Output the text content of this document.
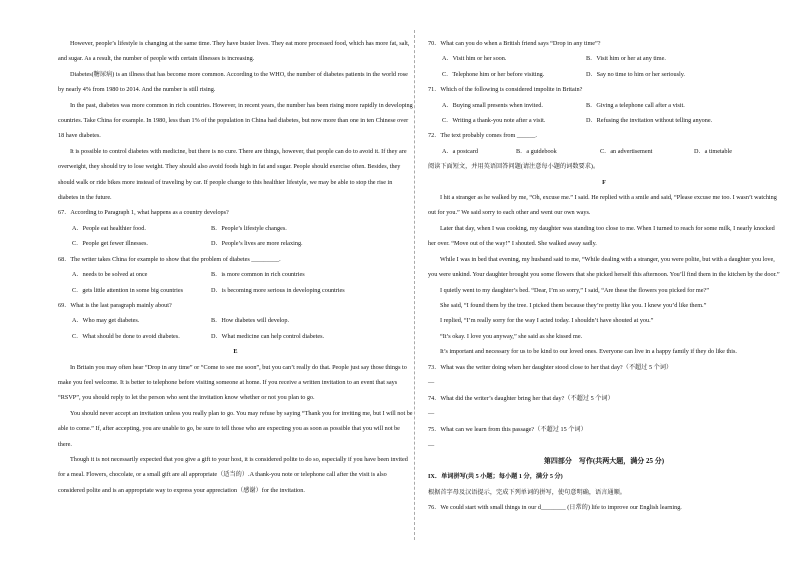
However, people’s lifestyle is changing at the same time. They have busier lives. They eat more processed food, which has more fat, salt, and sugar. As a result, the number of people with certain illnesses is increasing.

Diabetes(糖尿病) is an illness that has become more common. According to the WHO, the number of diabetes patients in the world rose by nearly 4% from 1980 to 2014. And the number is still rising.

In the past, diabetes was more common in rich countries. However, in recent years, the number has been rising more rapidly in developing countries. Take China for example. In 1980, less than 1% of the population in China had diabetes, but now more than one in ten Chinese over 18 have diabetes.

It is possible to control diabetes with medicine, but there is no cure. There are things, however, that people can do to avoid it. If they are overweight, they should try to lose weight. They should also avoid foods high in fat and sugar. People should exercise often. Besides, they should walk or ride bikes more instead of traveling by car. If people change to this healthier lifestyle, we may be able to stop the rise in diabetes in the future.

67．According to Paragraph 1, what happens as a country develops?

A．People eat healthier food.	B．People’s lifestyle changes.
C．People get fewer illnesses.	D．People’s lives are more relaxing.

68．The writer takes China for example to show that the problem of diabetes _________.

A．needs to be solved at once	B．is more common in rich countries
C．gets little attention in some big countries	D．is becoming more serious in developing countries

69．What is the last paragraph mainly about?

A．Who may get diabetes.	B．How diabetes will develop.
C．What should be done to avoid diabetes.	D．What medicine can help control diabetes.

E

In Britain you may often hear “Drop in any time” or “Come to see me soon”, but you can’t really do that. People just say those things to make you feel welcome. It is better to telephone before visiting someone at home. If you receive a written invitation to an event that says “RSVP”, you should reply to let the person who sent the invitation know whether or not you plan to go.

You should never accept an invitation unless you really plan to go. You may refuse by saying “Thank you for inviting me, but I will not be able to come.” If, after accepting, you are unable to go, be sure to tell those who are expecting you as soon as possible that you will not be there.

Though it is not necessarily expected that you give a gift to your host, it is considered polite to do so, especially if you have been invited for a meal. Flowers, chocolate, or a small gift are all appropriate（适当的）.A thank-you note or telephone call after the visit is also considered polite and is an appropriate way to express your appreciation（感谢）for the invitation.

70．What can you do when a British friend says “Drop in any time”?

A．Visit him or her soon.	B．Visit him or her at any time.
C．Telephone him or her before visiting.	D．Say no time to him or her seriously.

71．Which of the following is considered impolite in Britain?

A．Buying small presents when invited.	B．Giving a telephone call after a visit.
C．Writing a thank-you note after a visit.	D．Refusing the invitation without telling anyone.

72．The text probably comes from ______.

A．a postcard	B．a guidebook	C．an advertisement	D．a timetable

阅读下面短文，并用英语回答问题(请注意每小题的词数要求)。

F

I hit a stranger as he walked by me, “Oh, excuse me.” I said. He replied with a smile and said, “Please excuse me too. I wasn’t watching out for you.” We said sorry to each other and went our own ways.

Later that day, when I was cooking, my daughter was standing too close to me. When I turned to reach for some milk, I nearly knocked her over. “Move out of the way!” I shouted. She walked away sadly.

While I was in bed that evening, my husband said to me, “While dealing with a stranger, you were polite, but with a daughter you love, you were unkind. Your daughter brought you some flowers that she picked herself this afternoon. You’ll find them in the kitchen by the door.”

I quietly went to my daughter’s bed. “Dear, I’m so sorry,” I said, “Are these the flowers you picked for me?”

She said, “I found them by the tree. I picked them because they’re pretty like you. I knew you’d like them.”

I replied, “I’m really sorry for the way I acted today. I shouldn’t have shouted at you.”

“It’s okay. I love you anyway,” she said as she kissed me.

It’s important and necessary for us to be kind to our loved ones. Everyone can live in a happy family if they do like this.

73．What was the writer doing when her daughter stood close to her that day?（不超过 5 个词）

—

74．What did the writer’s daughter bring her that day?（不超过 5 个词）

—

75．What can we learn from this passage?（不超过 15 个词）

—

第四部分　写作(共两大题，满分 25 分)

IX．单词拼写(共 5 小题；每小题 1 分，满分 5 分)

根据首字母及汉语提示，完成下列单词的拼写，使句意明确，语言通顺。

76．We could start with small things in our d________ (日常的) life to improve our English learning.
